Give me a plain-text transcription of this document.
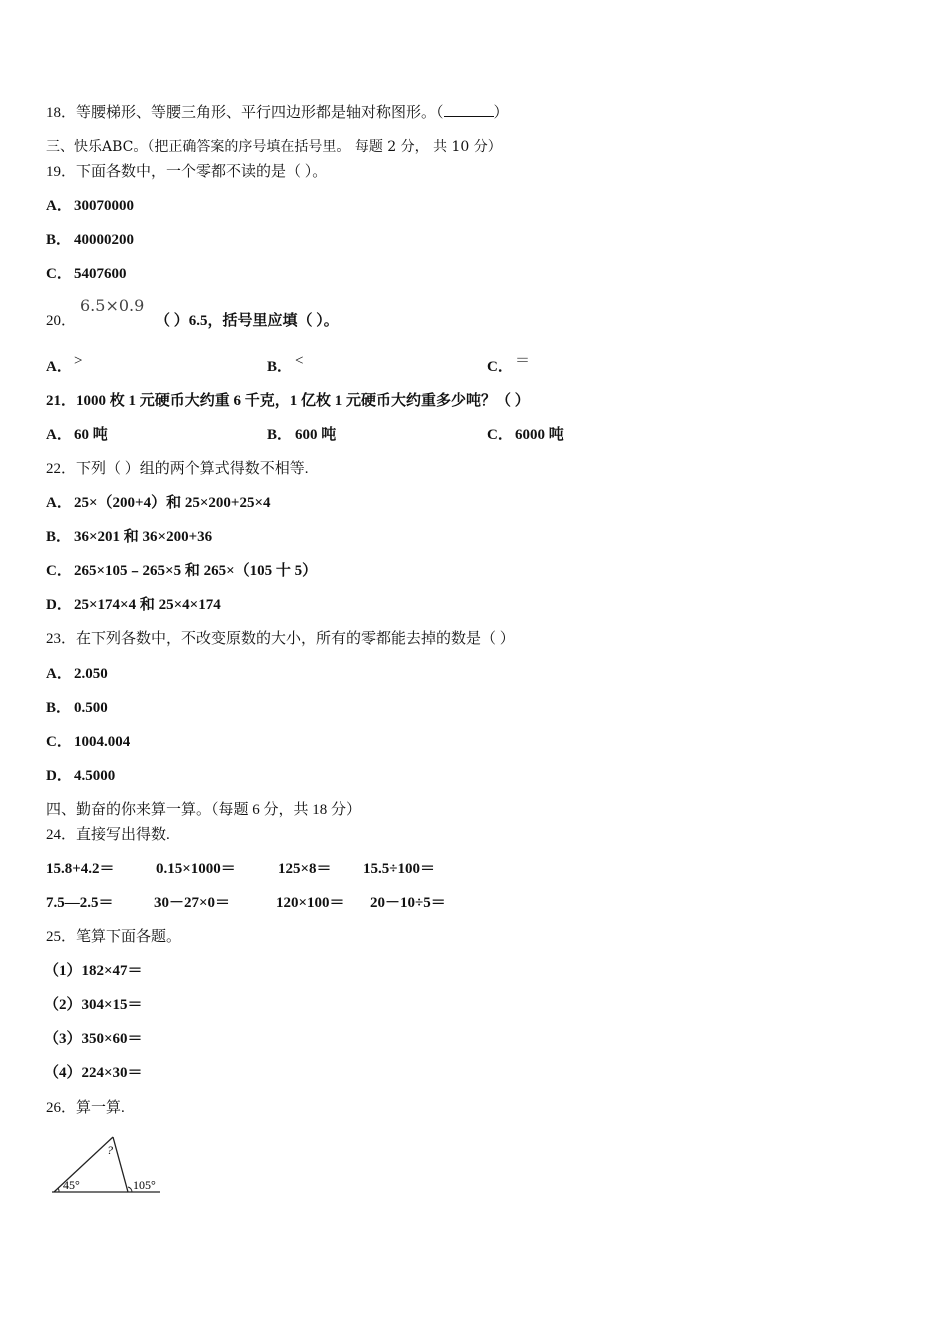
18．等腰梯形、等腰三角形、平行四边形都是轴对称图形。（	）
三、快乐ABC。（把正确答案的序号填在括号里。 每题 2 分， 共 10 分）
19．下面各数中，一个零都不读的是（ ）。
A． 30070000
B． 40000200
C． 5407600
20．
6.5×0.9
（ ）6.5，括号里应填（ ）。
A． >	B． <	C． ＝
21．1000 枚 1 元硬币大约重 6 千克，1 亿枚 1 元硬币大约重多少吨？（ ）
A． 60 吨	B． 600 吨	C． 6000 吨
22．下列（ ）组的两个算式得数不相等.
A． 25×（200+4）和 25×200+25×4
B． 36×201 和 36×200+36
C． 265×105﹣265×5 和 265×（105 十 5）
D． 25×174×4 和 25×4×174
23．在下列各数中，不改变原数的大小，所有的零都能去掉的数是（ ）
A． 2.050
B． 0.500
C． 1004.004
D． 4.5000
四、勤奋的你来算一算。（每题 6 分，共 18 分）
24．直接写出得数.
15.8+4.2＝	0.15×1000＝	125×8＝ 15.5÷100＝
7.5—2.5＝	30－27×0＝	120×100＝ 20－10÷5＝
25．笔算下面各题。
（1）182×47＝
（2）304×15＝
（3）350×60＝
（4）224×30＝
26．算一算.
45°
?
105°
